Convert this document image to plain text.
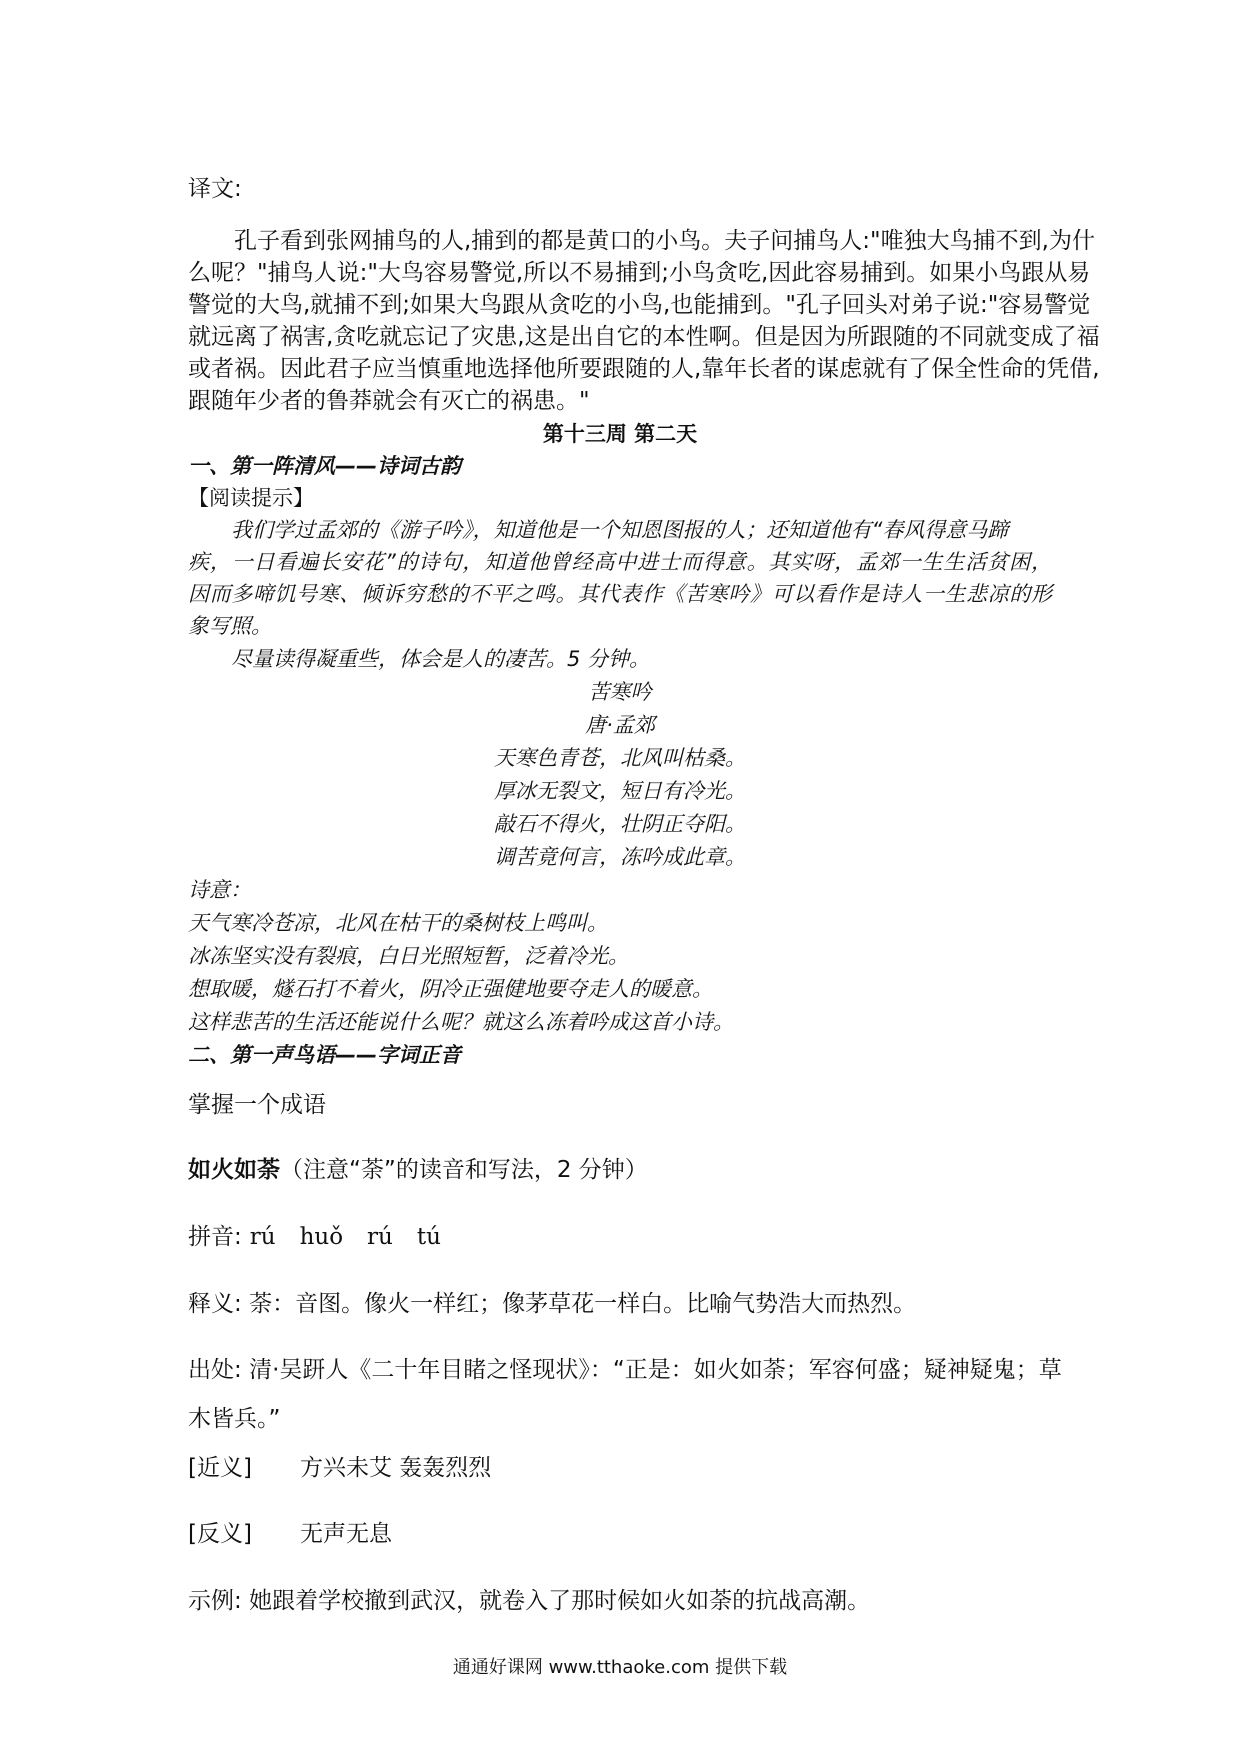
译文:
孔子看到张网捕鸟的人,捕到的都是黄口的小鸟。夫子问捕鸟人:"唯独大鸟捕不到,为什
么呢？"捕鸟人说:"大鸟容易警觉,所以不易捕到;小鸟贪吃,因此容易捕到。如果小鸟跟从易
警觉的大鸟,就捕不到;如果大鸟跟从贪吃的小鸟,也能捕到。"孔子回头对弟子说:"容易警觉
就远离了祸害,贪吃就忘记了灾患,这是出自它的本性啊。但是因为所跟随的不同就变成了福
或者祸。因此君子应当慎重地选择他所要跟随的人,靠年长者的谋虑就有了保全性命的凭借,
跟随年少者的鲁莽就会有灭亡的祸患。"
第十三周 第二天
一、第一阵清风——诗词古韵
【阅读提示】
我们学过孟郊的《游子吟》，知道他是一个知恩图报的人；还知道他有“春风得意马蹄
疾，一日看遍长安花”的诗句，知道他曾经高中进士而得意。其实呀，孟郊一生生活贫困，
因而多啼饥号寒、倾诉穷愁的不平之鸣。其代表作《苦寒吟》可以看作是诗人一生悲凉的形
象写照。
尽量读得凝重些，体会是人的凄苦。5 分钟。
苦寒吟
唐·孟郊
天寒色青苍，北风叫枯桑。
厚冰无裂文，短日有冷光。
敲石不得火，壮阴正夺阳。
调苦竟何言，冻吟成此章。
诗意：
天气寒冷苍凉，北风在枯干的桑树枝上鸣叫。
冰冻坚实没有裂痕，白日光照短暂，泛着冷光。
想取暖，燧石打不着火，阴冷正强健地要夺走人的暖意。
这样悲苦的生活还能说什么呢？就这么冻着吟成这首小诗。
二、第一声鸟语——字词正音
掌握一个成语
如火如荼（注意“荼”的读音和写法，2 分钟）
拼音: rú huǒ rú tú
释义: 荼：音图。像火一样红；像茅草花一样白。比喻气势浩大而热烈。
出处: 清·吴趼人《二十年目睹之怪现状》：“正是：如火如荼；军容何盛；疑神疑鬼；草
木皆兵。”
[近义] 方兴未艾 轰轰烈烈
[反义] 无声无息
示例: 她跟着学校撤到武汉，就卷入了那时候如火如荼的抗战高潮。
通通好课网 www.tthaoke.com 提供下载
